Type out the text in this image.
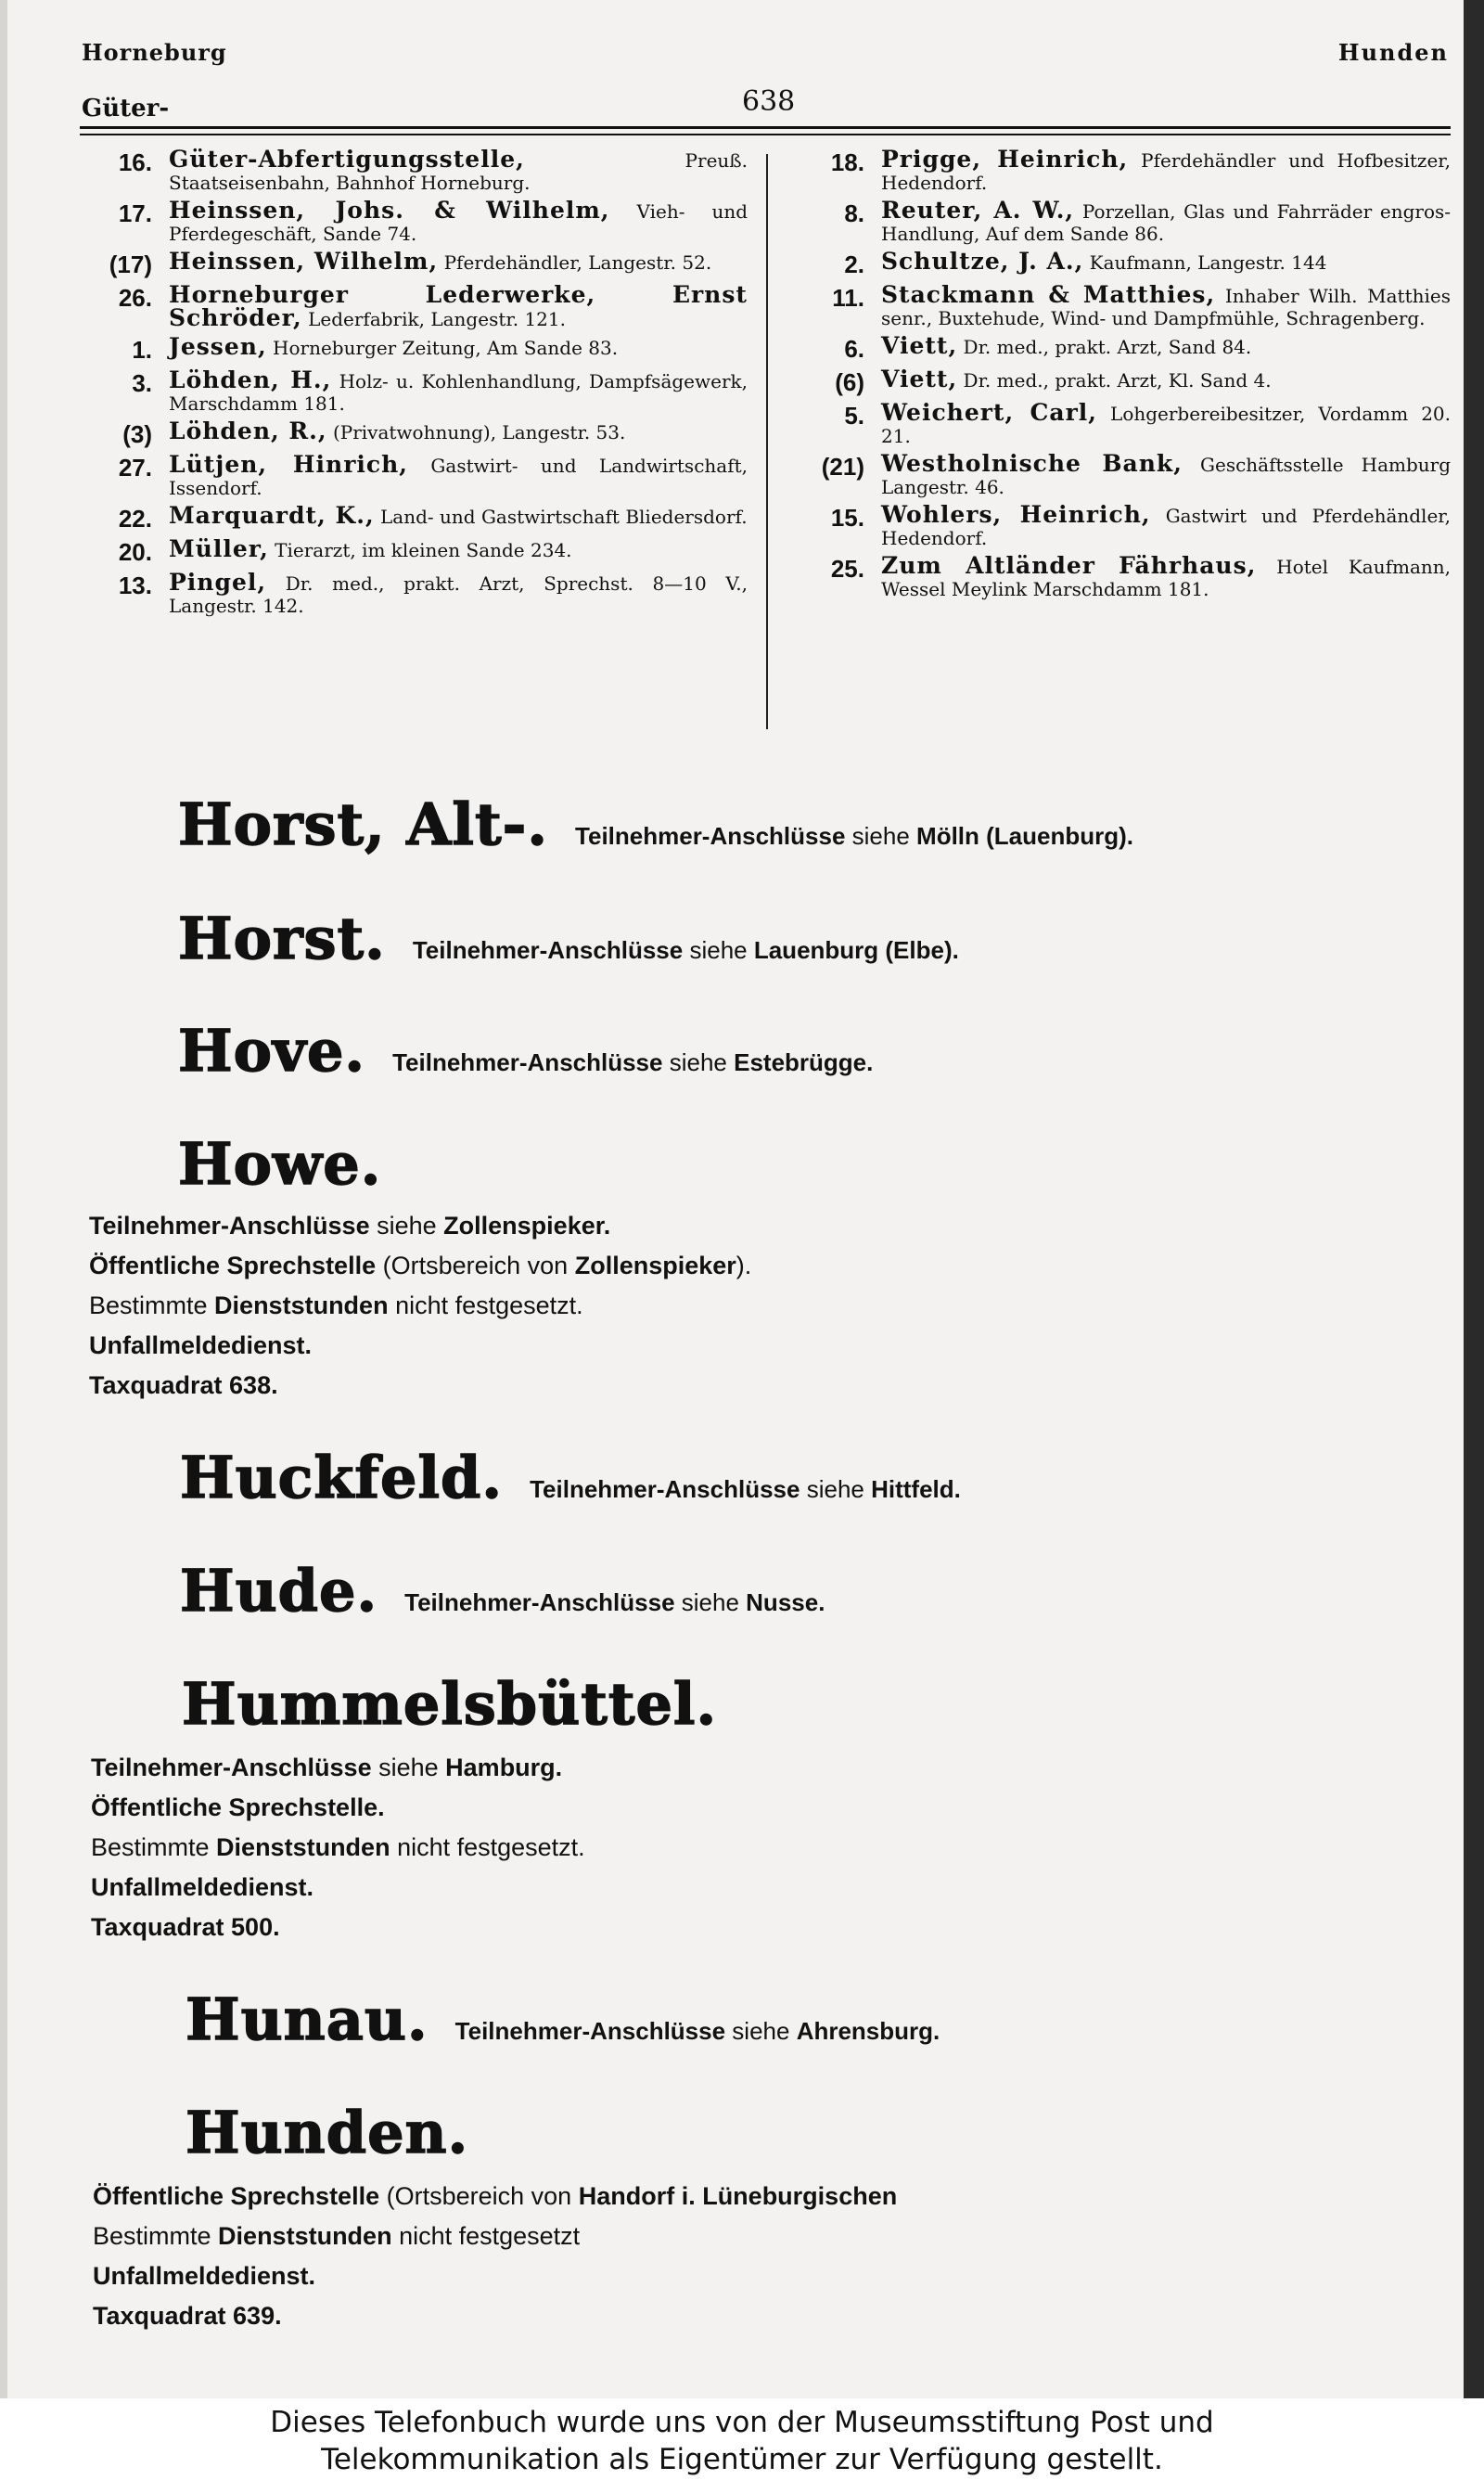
Horneburg
Güter-	638
Hunden
16. Güter-Abfertigungsstelle,	Preuß. Staatseisenbahn, Bahnhof Horneburg.
17. Heinssen, Johs. & Wilhelm, Vieh- und Pferdegeschäft, Sande 74.
(17) Heinssen, Wilhelm, Pferdehändler, Langestr. 52.
26. Horneburger Lederwerke, Ernst Schröder, Lederfabrik, Langestr. 121.
1. Jessen, Horneburger Zeitung, Am Sande 83.
3. Löhden, H., Holz- u. Kohlenhandlung, Dampfsägewerk, Marschdamm 181.
(3) Löhden, R., (Privatwohnung), Langestr. 53.
27. Lütjen, Hinrich, Gastwirt- und Landwirtschaft, Issendorf.
22. Marquardt, K., Land- und Gastwirtschaft Bliedersdorf.
20. Müller, Tierarzt, im kleinen Sande 234.
13. Pingel, Dr. med., prakt. Arzt, Sprechst. 8—10 V., Langestr. 142.
18. Prigge, Heinrich, Pferdehändler und Hofbesitzer, Hedendorf.
8. Reuter, A. W., Porzellan, Glas und Fahrräder engros-Handlung, Auf dem Sande 86.
2. Schultze, J. A., Kaufmann, Langestr. 144
11. Stackmann & Matthies, Inhaber Wilh. Matthies senr., Buxtehude, Wind- und Dampfmühle, Schragenberg.
6. Viett, Dr. med., prakt. Arzt, Sand 84.
(6) Viett, Dr. med., prakt. Arzt, Kl. Sand 4.
5. Weichert, Carl, Lohgerbereibesitzer, Vordamm 20. 21.
(21) Westholnische Bank, Geschäftsstelle Hamburg Langestr. 46.
15. Wohlers, Heinrich, Gastwirt und Pferdehändler, Hedendorf.
25. Zum Altländer Fährhaus, Hotel Kaufmann, Wessel Meylink Marschdamm 181.
Horst, Alt-. Teilnehmer-Anschlüsse siehe Mölln (Lauenburg).
Horst. Teilnehmer-Anschlüsse siehe Lauenburg (Elbe).
Hove. Teilnehmer-Anschlüsse siehe Estebrügge.
Howe.
Teilnehmer-Anschlüsse siehe Zollenspieker.
Öffentliche Sprechstelle (Ortsbereich von Zollenspieker).
Bestimmte Dienststunden nicht festgesetzt.
Unfallmeldedienst.
Taxquadrat 638.
Huckfeld. Teilnehmer-Anschlüsse siehe Hittfeld.
Hude. Teilnehmer-Anschlüsse siehe Nusse.
Hummelsbüttel.
Teilnehmer-Anschlüsse siehe Hamburg.
Öffentliche Sprechstelle.
Bestimmte Dienststunden nicht festgesetzt.
Unfallmeldedienst.
Taxquadrat 500.
Hunau. Teilnehmer-Anschlüsse siehe Ahrensburg.
Hunden.
Öffentliche Sprechstelle (Ortsbereich von Handorf i. Lüneburgischen
Bestimmte Dienststunden nicht festgesetzt
Unfallmeldedienst.
Taxquadrat 639.
Dieses Telefonbuch wurde uns von der Museumsstiftung Post und
Telekommunikation als Eigentümer zur Verfügung gestellt.
